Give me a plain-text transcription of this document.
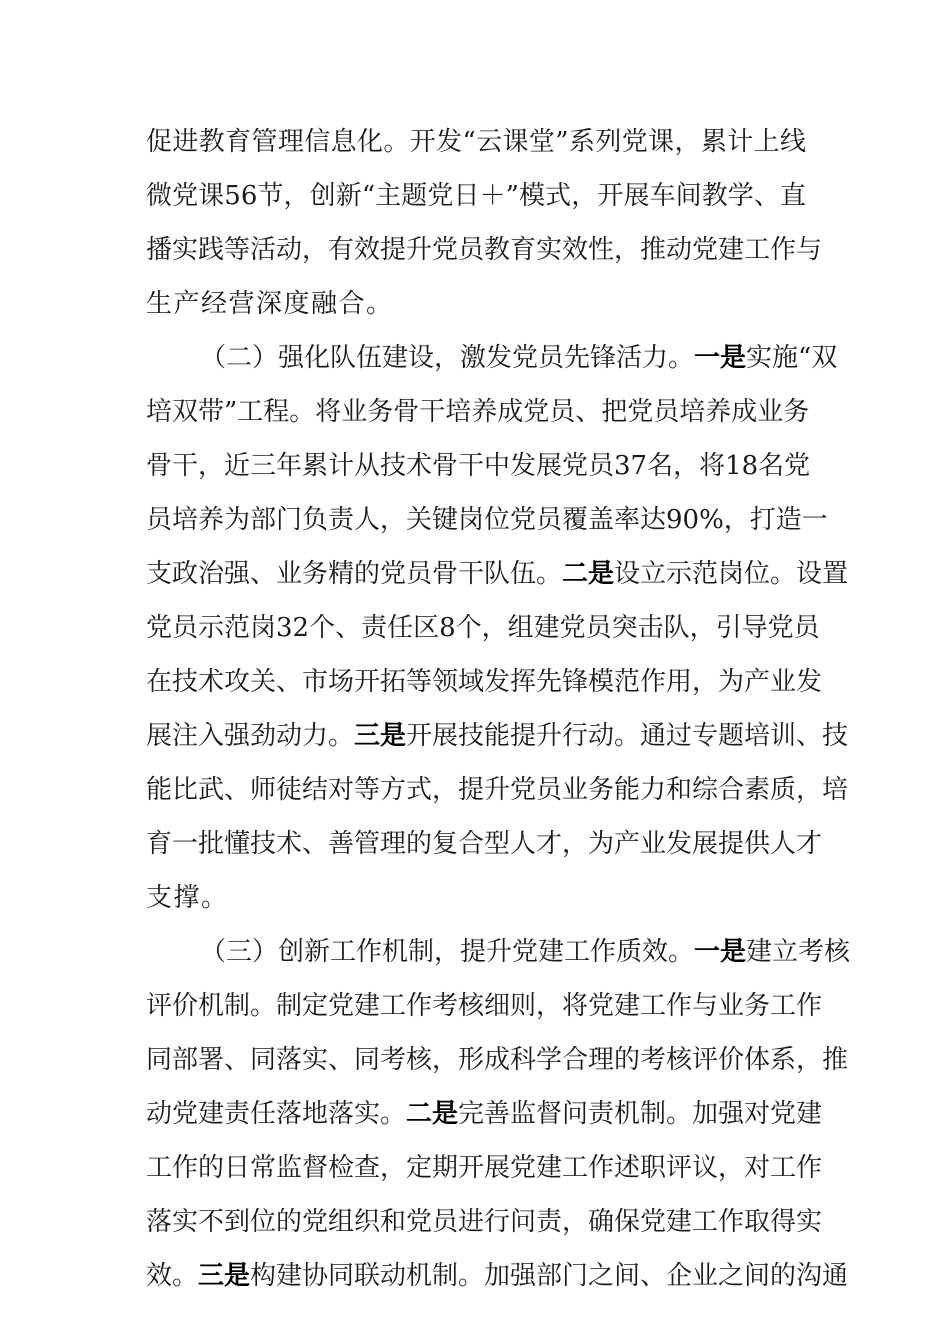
促进教育管理信息化。开发“云课堂”系列党课，累计上线
微党课56节，创新“主题党日＋”模式，开展车间教学、直
播实践等活动，有效提升党员教育实效性，推动党建工作与
生产经营深度融合。
（二）强化队伍建设，激发党员先锋活力。一是实施“双
培双带”工程。将业务骨干培养成党员、把党员培养成业务
骨干，近三年累计从技术骨干中发展党员37名，将18名党
员培养为部门负责人，关键岗位党员覆盖率达90%，打造一
支政治强、业务精的党员骨干队伍。二是设立示范岗位。设置
党员示范岗32个、责任区8个，组建党员突击队，引导党员
在技术攻关、市场开拓等领域发挥先锋模范作用，为产业发
展注入强劲动力。三是开展技能提升行动。通过专题培训、技
能比武、师徒结对等方式，提升党员业务能力和综合素质，培
育一批懂技术、善管理的复合型人才，为产业发展提供人才
支撑。
（三）创新工作机制，提升党建工作质效。一是建立考核
评价机制。制定党建工作考核细则，将党建工作与业务工作
同部署、同落实、同考核，形成科学合理的考核评价体系，推
动党建责任落地落实。二是完善监督问责机制。加强对党建
工作的日常监督检查，定期开展党建工作述职评议，对工作
落实不到位的党组织和党员进行问责，确保党建工作取得实
效。三是构建协同联动机制。加强部门之间、企业之间的沟通
